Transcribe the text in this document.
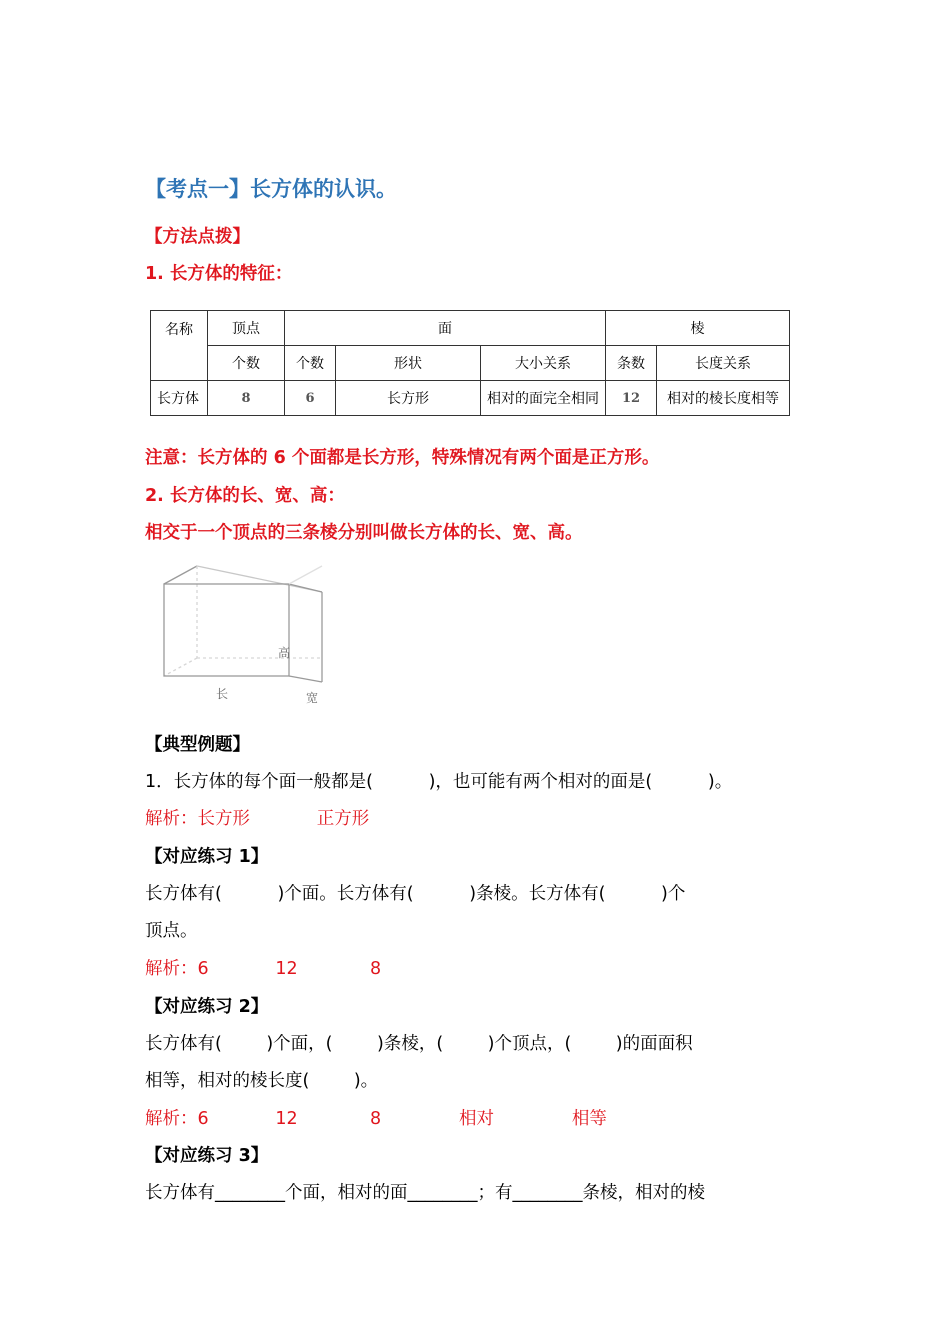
【考点一】长方体的认识。
【方法点拨】
1. 长方体的特征：
名称	顶点	面			棱	
	个数	个数	形状	大小关系	条数	长度关系
长方体	8	6	长方形	相对的面完全相同	12	相对的棱长度相等
注意：长方体的 6 个面都是长方形，特殊情况有两个面是正方形。
2. 长方体的长、宽、高：
相交于一个顶点的三条棱分别叫做长方体的长、宽、高。
高
长	宽
【典型例题】
1．长方体的每个面一般都是(          )，也可能有两个相对的面是(          )。
解析：长方形            正方形
【对应练习 1】
长方体有(          )个面。长方体有(          )条棱。长方体有(          )个
顶点。
解析：6            12             8
【对应练习 2】
长方体有(        )个面，(        )条棱，(        )个顶点，(        )的面面积
相等，相对的棱长度(        )。
解析：6            12             8              相对              相等
【对应练习 3】
长方体有________个面，相对的面________；有________条棱，相对的棱
